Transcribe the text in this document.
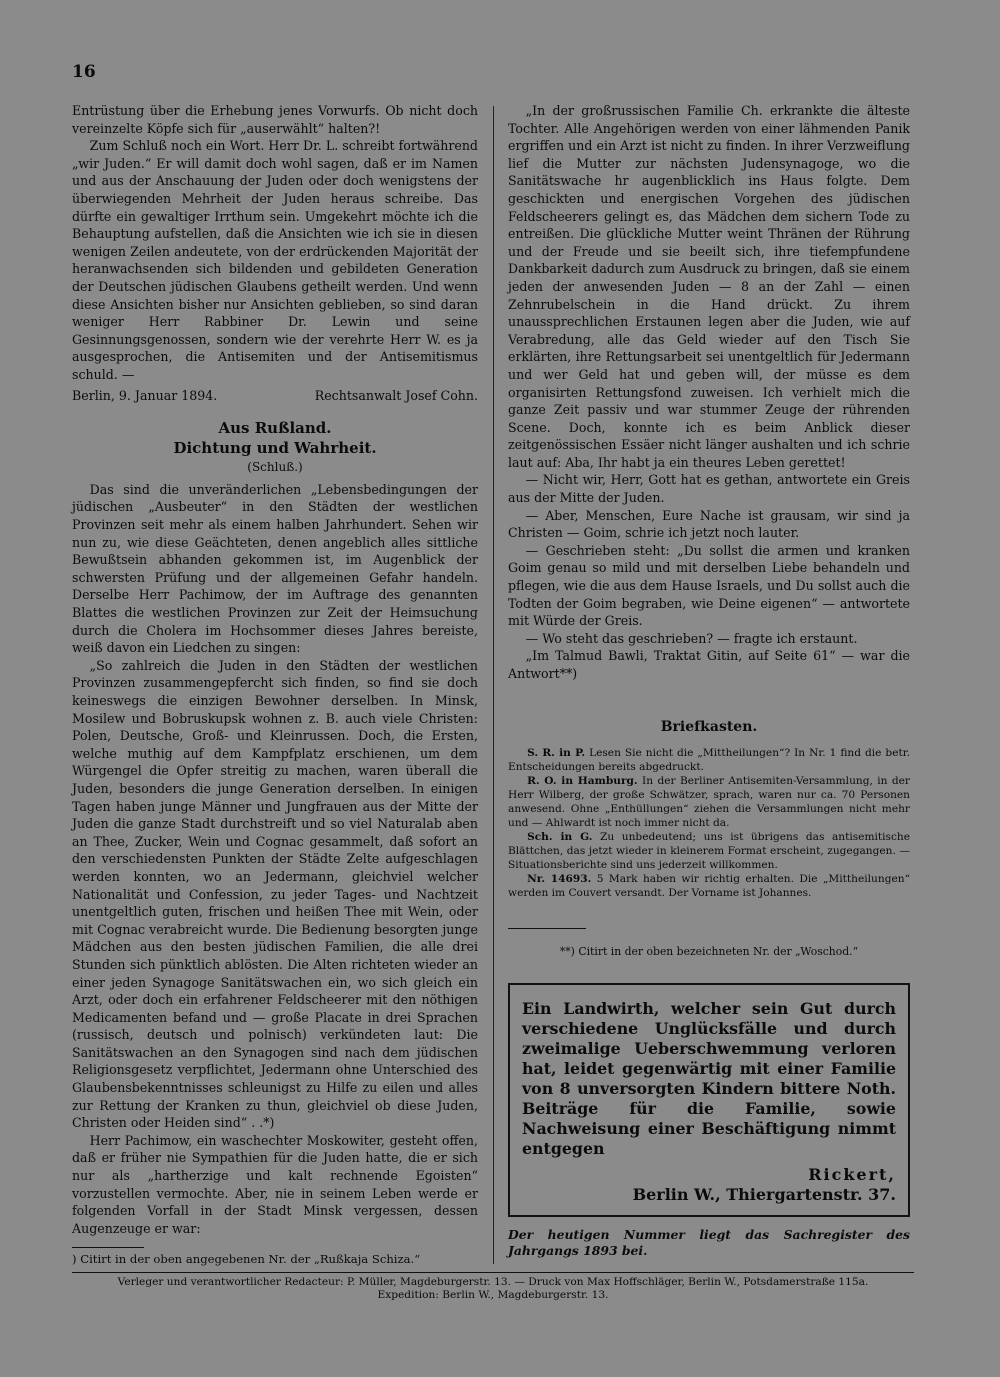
16

Entrüstung über die Erhebung jenes Vorwurfs. Ob nicht doch vereinzelte Köpfe sich für „auserwählt“ halten?!

Zum Schluß noch ein Wort. Herr Dr. L. schreibt fortwährend „wir Juden.“ Er will damit doch wohl sagen, daß er im Namen und aus der Anschauung der Juden oder doch wenigstens der überwiegenden Mehrheit der Juden heraus schreibe. Das dürfte ein gewaltiger Irrthum sein. Umgekehrt möchte ich die Behauptung aufstellen, daß die Ansichten wie ich sie in diesen wenigen Zeilen andeutete, von der erdrückenden Majorität der heranwachsenden sich bildenden und gebildeten Generation der Deutschen jüdischen Glaubens getheilt werden. Und wenn diese Ansichten bisher nur Ansichten geblieben, so sind daran weniger Herr Rabbiner Dr. Lewin und seine Gesinnungsgenossen, sondern wie der verehrte Herr W. es ja ausgesprochen, die Antisemiten und der Antisemitismus schuld. —

Berlin, 9. Januar 1894.	Rechtsanwalt Josef Cohn.
Aus Rußland.
Dichtung und Wahrheit.
(Schluß.)

Das sind die unveränderlichen „Lebensbedingungen der jüdischen „Ausbeuter“ in den Städten der westlichen Provinzen seit mehr als einem halben Jahrhundert. Sehen wir nun zu, wie diese Geächteten, denen angeblich alles sittliche Bewußtsein abhanden gekommen ist, im Augenblick der schwersten Prüfung und der allgemeinen Gefahr handeln. Derselbe Herr Pachimow, der im Auftrage des genannten Blattes die westlichen Provinzen zur Zeit der Heimsuchung durch die Cholera im Hochsommer dieses Jahres bereiste, weiß davon ein Liedchen zu singen:

„So zahlreich die Juden in den Städten der westlichen Provinzen zusammengepfercht sich finden, so find sie doch keineswegs die einzigen Bewohner derselben. In Minsk, Mosilew und Bobruskupsk wohnen z. B. auch viele Christen: Polen, Deutsche, Groß- und Kleinrussen. Doch, die Ersten, welche muthig auf dem Kampfplatz erschienen, um dem Würgengel die Opfer streitig zu machen, waren überall die Juden, besonders die junge Generation derselben. In einigen Tagen haben junge Männer und Jungfrauen aus der Mitte der Juden die ganze Stadt durchstreift und so viel Naturalab aben an Thee, Zucker, Wein und Cognac gesammelt, daß sofort an den verschiedensten Punkten der Städte Zelte aufgeschlagen werden konnten, wo an Jedermann, gleichviel welcher Nationalität und Confession, zu jeder Tages- und Nachtzeit unentgeltlich guten, frischen und heißen Thee mit Wein, oder mit Cognac verabreicht wurde. Die Bedienung besorgten junge Mädchen aus den besten jüdischen Familien, die alle drei Stunden sich pünktlich ablösten. Die Alten richteten wieder an einer jeden Synagoge Sanitätswachen ein, wo sich gleich ein Arzt, oder doch ein erfahrener Feldscheerer mit den nöthigen Medicamenten befand und — große Placate in drei Sprachen (russisch, deutsch und polnisch) verkündeten laut: Die Sanitätswachen an den Synagogen sind nach dem jüdischen Religionsgesetz verpflichtet, Jedermann ohne Unterschied des Glaubensbekenntnisses schleunigst zu Hilfe zu eilen und alles zur Rettung der Kranken zu thun, gleichviel ob diese Juden, Christen oder Heiden sind“ . .*)

Herr Pachimow, ein waschechter Moskowiter, gesteht offen, daß er früher nie Sympathien für die Juden hatte, die er sich nur als „hartherzige und kalt rechnende Egoisten“ vorzustellen vermochte. Aber, nie in seinem Leben werde er folgenden Vorfall in der Stadt Minsk vergessen, dessen Augenzeuge er war:

) Citirt in der oben angegebenen Nr. der „Rußkaja Schiza.“

„In der großrussischen Familie Ch. erkrankte die älteste Tochter. Alle Angehörigen werden von einer lähmenden Panik ergriffen und ein Arzt ist nicht zu finden. In ihrer Verzweiflung lief die Mutter zur nächsten Judensynagoge, wo die Sanitätswache hr augenblicklich ins Haus folgte. Dem geschickten und energischen Vorgehen des jüdischen Feldscheerers gelingt es, das Mädchen dem sichern Tode zu entreißen. Die glückliche Mutter weint Thränen der Rührung und der Freude und sie beeilt sich, ihre tiefempfundene Dankbarkeit dadurch zum Ausdruck zu bringen, daß sie einem jeden der anwesenden Juden — 8 an der Zahl — einen Zehnrubelschein in die Hand drückt. Zu ihrem unaussprechlichen Erstaunen legen aber die Juden, wie auf Verabredung, alle das Geld wieder auf den Tisch Sie erklärten, ihre Rettungsarbeit sei unentgeltlich für Jedermann und wer Geld hat und geben will, der müsse es dem organisirten Rettungsfond zuweisen. Ich verhielt mich die ganze Zeit passiv und war stummer Zeuge der rührenden Scene. Doch, konnte ich es beim Anblick dieser zeitgenössischen Essäer nicht länger aushalten und ich schrie laut auf: Aba, Ihr habt ja ein theures Leben gerettet!

— Nicht wir, Herr, Gott hat es gethan, antwortete ein Greis aus der Mitte der Juden.

— Aber, Menschen, Eure Nache ist grausam, wir sind ja Christen — Goim, schrie ich jetzt noch lauter.

— Geschrieben steht: „Du sollst die armen und kranken Goim genau so mild und mit derselben Liebe behandeln und pflegen, wie die aus dem Hause Israels, und Du sollst auch die Todten der Goim begraben, wie Deine eigenen“ — antwortete mit Würde der Greis.

— Wo steht das geschrieben? — fragte ich erstaunt.

„Im Talmud Bawli, Traktat Gitin, auf Seite 61“ — war die Antwort**)

Briefkasten.

S. R. in P. Lesen Sie nicht die „Mittheilungen“? In Nr. 1 find die betr. Entscheidungen bereits abgedruckt.

R. O. in Hamburg. In der Berliner Antisemiten-Versammlung, in der Herr Wilberg, der große Schwätzer, sprach, waren nur ca. 70 Personen anwesend. Ohne „Enthüllungen“ ziehen die Versammlungen nicht mehr und — Ahlwardt ist noch immer nicht da.

Sch. in G. Zu unbedeutend; uns ist übrigens das antisemitische Blättchen, das jetzt wieder in kleinerem Format erscheint, zugegangen. — Situationsberichte sind uns jederzeit willkommen.

Nr. 14693. 5 Mark haben wir richtig erhalten. Die „Mittheilungen“ werden im Couvert versandt. Der Vorname ist Johannes.

**) Citirt in der oben bezeichneten Nr. der „Woschod.“
Ein Landwirth, welcher sein Gut durch verschiedene Unglücksfälle und durch zweimalige Ueberschwemmung verloren hat, leidet gegenwärtig mit einer Familie von 8 unversorgten Kindern bittere Noth. Beiträge für die Familie, sowie Nachweisung einer Beschäftigung nimmt entgegen
Rickert,
Berlin W., Thiergartenstr. 37.
Der heutigen Nummer liegt das Sachregister des Jahrgangs 1893 bei.
Verleger und verantwortlicher Redacteur: P. Müller, Magdeburgerstr. 13. — Druck von Max Hoffschläger, Berlin W., Potsdamerstraße 115a.
Expedition: Berlin W., Magdeburgerstr. 13.
